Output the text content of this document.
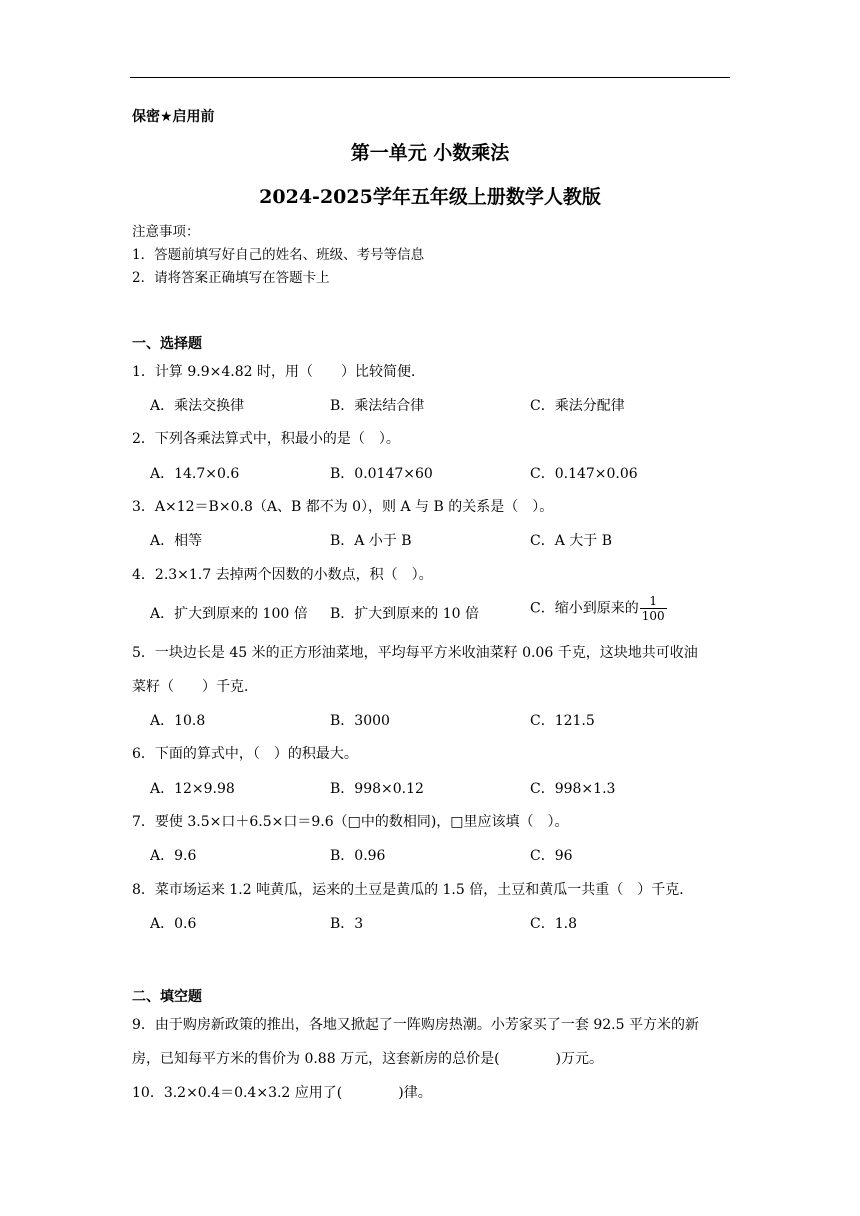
保密★启用前
第一单元 小数乘法
2024-2025学年五年级上册数学人教版
注意事项：
1．答题前填写好自己的姓名、班级、考号等信息
2．请将答案正确填写在答题卡上
一、选择题
1．计算 9.9×4.82 时，用（　　）比较简便．
A．乘法交换律	B．乘法结合律	C．乘法分配律
2．下列各乘法算式中，积最小的是（　）。
A．14.7×0.6	B．0.0147×60	C．0.147×0.06
3．A×12＝B×0.8（A、B 都不为 0），则 A 与 B 的关系是（　）。
A．相等	B．A 小于 B	C．A 大于 B
4．2.3×1.7 去掉两个因数的小数点，积（　）。
A．扩大到原来的 100 倍 B．扩大到原来的 10 倍	C．缩小到原来的 $\frac{1}{100}$
5．一块边长是 45 米的正方形油菜地，平均每平方米收油菜籽 0.06 千克，这块地共可收油
菜籽（　　）千克．
A．10.8	B．3000	C．121.5
6．下面的算式中，（　）的积最大。
A．12×9.98	B．998×0.12	C．998×1.3
7．要使 3.5×口＋6.5×口＝9.6（□中的数相同)，□里应该填（　）。
A．9.6	B．0.96	C．96
8．菜市场运来 1.2 吨黄瓜，运来的土豆是黄瓜的 1.5 倍，土豆和黄瓜一共重（　）千克．
A．0.6	B．3	C．1.8
二、填空题
9．由于购房新政策的推出，各地又掀起了一阵购房热潮。小芳家买了一套 92.5 平方米的新
房，已知每平方米的售价为 0.88 万元，这套新房的总价是(　　　　)万元。
10．3.2×0.4＝0.4×3.2 应用了(　　　　)律。
